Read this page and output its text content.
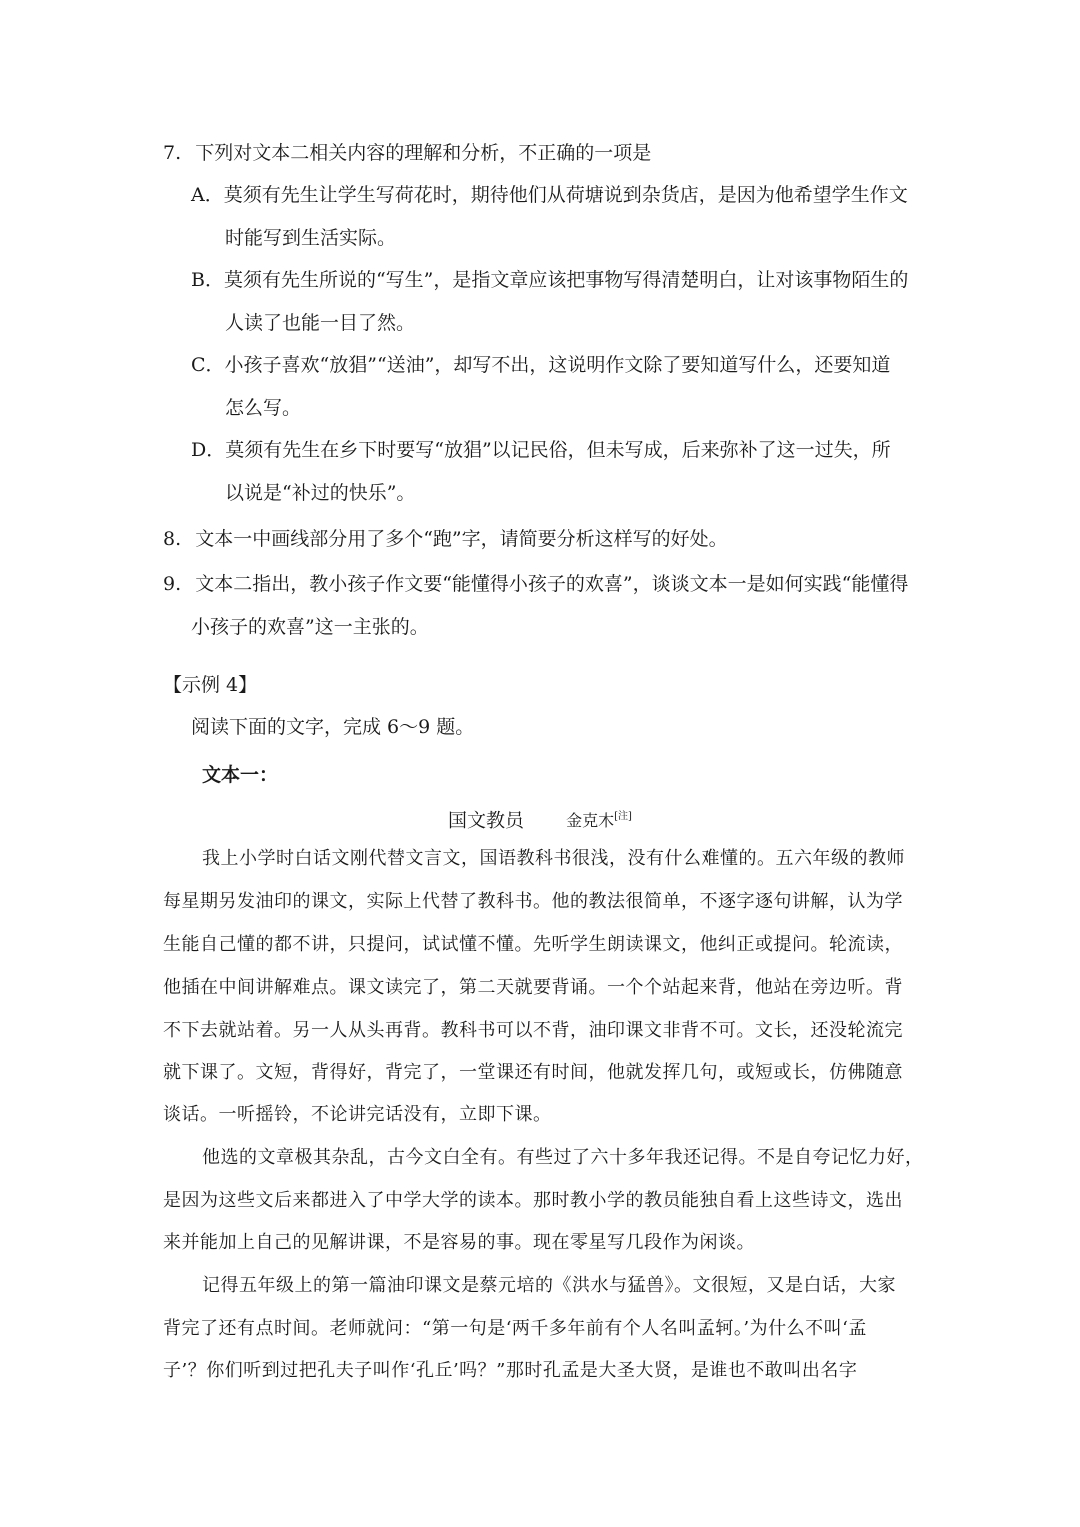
7. 下列对文本二相关内容的理解和分析，不正确的一项是
A．莫须有先生让学生写荷花时，期待他们从荷塘说到杂货店，是因为他希望学生作文
时能写到生活实际。
B．莫须有先生所说的“写生”，是指文章应该把事物写得清楚明白，让对该事物陌生的
人读了也能一目了然。
C．小孩子喜欢“放猖”“送油”，却写不出，这说明作文除了要知道写什么，还要知道
怎么写。
D．莫须有先生在乡下时要写“放猖”以记民俗，但未写成，后来弥补了这一过失，所
以说是“补过的快乐”。
8. 文本一中画线部分用了多个“跑”字，请简要分析这样写的好处。
9. 文本二指出，教小孩子作文要“能懂得小孩子的欢喜”，谈谈文本一是如何实践“能懂得
小孩子的欢喜”这一主张的。
【示例 4】
阅读下面的文字，完成 6～9 题。
文本一：
国文教员	金克木[注]
我上小学时白话文刚代替文言文，国语教科书很浅，没有什么难懂的。五六年级的教师
每星期另发油印的课文，实际上代替了教科书。他的教法很简单，不逐字逐句讲解，认为学
生能自己懂的都不讲，只提问，试试懂不懂。先听学生朗读课文，他纠正或提问。轮流读，
他插在中间讲解难点。课文读完了，第二天就要背诵。一个个站起来背，他站在旁边听。背
不下去就站着。另一人从头再背。教科书可以不背，油印课文非背不可。文长，还没轮流完
就下课了。文短，背得好，背完了，一堂课还有时间，他就发挥几句，或短或长，仿佛随意
谈话。一听摇铃，不论讲完话没有，立即下课。
他选的文章极其杂乱，古今文白全有。有些过了六十多年我还记得。不是自夸记忆力好，
是因为这些文后来都进入了中学大学的读本。那时教小学的教员能独自看上这些诗文，选出
来并能加上自己的见解讲课，不是容易的事。现在零星写几段作为闲谈。
记得五年级上的第一篇油印课文是蔡元培的《洪水与猛兽》。文很短，又是白话，大家
背完了还有点时间。老师就问：“第一句是‘两千多年前有个人名叫孟轲。’为什么不叫‘孟
子’？你们听到过把孔夫子叫作‘孔丘’吗？”那时孔孟是大圣大贤，是谁也不敢叫出名字
